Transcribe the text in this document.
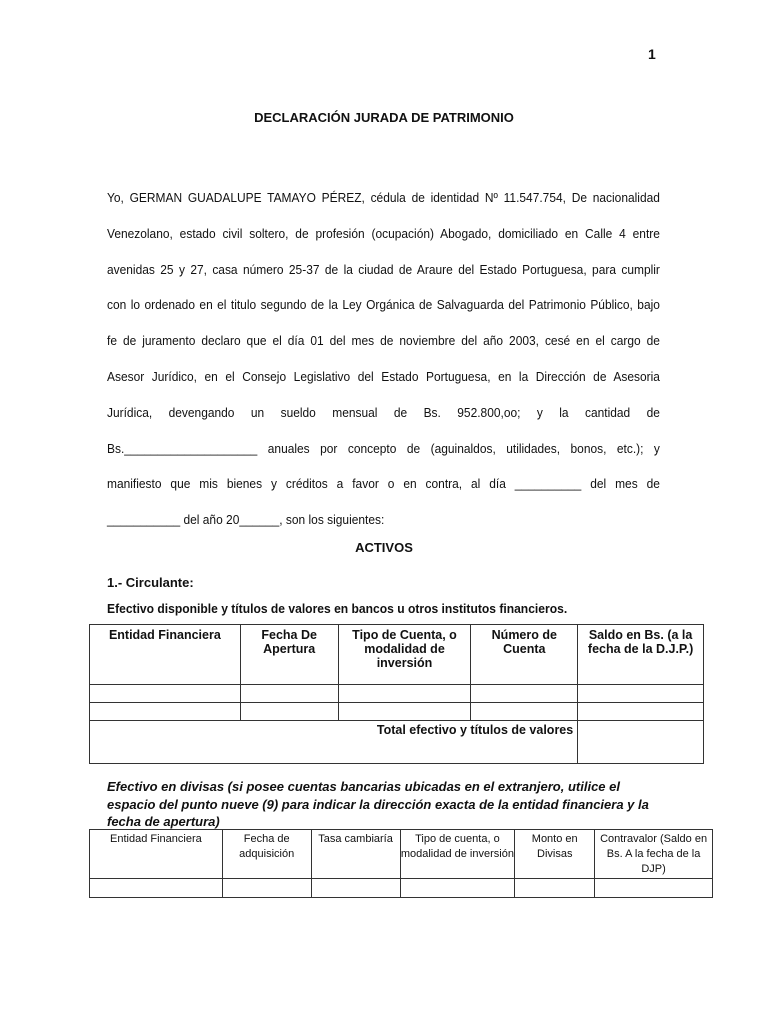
1
DECLARACIÓN JURADA DE PATRIMONIO
Yo, GERMAN GUADALUPE TAMAYO PÉREZ, cédula de identidad Nº 11.547.754, De nacionalidad
Venezolano, estado civil soltero, de profesión (ocupación) Abogado, domiciliado en Calle 4 entre
avenidas 25 y 27, casa número 25-37 de la ciudad de Araure del Estado Portuguesa, para cumplir
con lo ordenado en el titulo segundo de la Ley Orgánica de Salvaguarda del Patrimonio Público, bajo
fe de juramento declaro que el día 01 del mes de noviembre del año 2003, cesé en el cargo de
Asesor Jurídico, en el Consejo Legislativo del Estado Portuguesa, en la Dirección de Asesoria
Jurídica, devengando un sueldo mensual de Bs. 952.800,oo; y la cantidad de
Bs.____________________ anuales por concepto de (aguinaldos, utilidades, bonos, etc.); y
manifiesto que mis bienes y créditos a favor o en contra, al día __________ del mes de
___________ del año 20______, son los siguientes:
ACTIVOS
1.- Circulante:
Efectivo disponible y títulos de valores en bancos u otros institutos financieros.
Entidad Financiera	Fecha De Apertura	Tipo de Cuenta, o modalidad de inversión	Número de Cuenta	Saldo en Bs. (a la fecha de la D.J.P.)

Total efectivo y títulos de valores				
Efectivo en divisas (si posee cuentas bancarias ubicadas en el extranjero, utilice el espacio del punto nueve (9) para indicar la dirección exacta de la entidad financiera y la fecha de apertura)
Entidad Financiera	Fecha de adquisición	Tasa cambiaría	Tipo de cuenta, o modalidad de inversión	Monto en Divisas	Contravalor (Saldo en Bs. A la fecha de la DJP)
